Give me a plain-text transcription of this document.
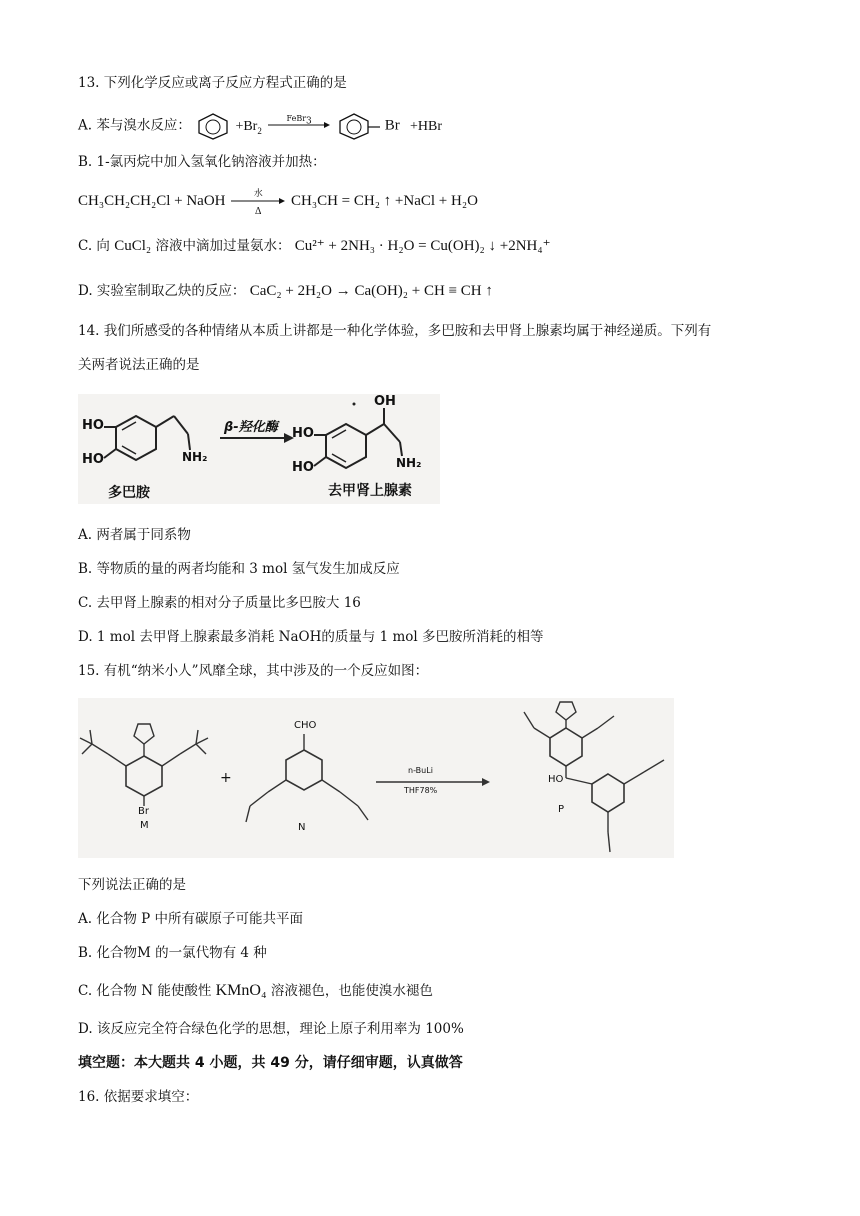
13. 下列化学反应或离子反应方程式正确的是
A. 苯与溴水反应：	$+Br_2$
FeBr$_3$	Br +HBr
B. 1-氯丙烷中加入氢氧化钠溶液并加热：
CH₃CH₂CH₂Cl + NaOH
水
Δ
CH₃CH = CH₂ ↑ +NaCl + H₂O
C. 向 CuCl₂ 溶液中滴加过量氨水： Cu²⁺ + 2NH₃ · H₂O = Cu(OH)₂ ↓ +2NH₄⁺
D. 实验室制取乙炔的反应： CaC₂ + 2H₂O → Ca(OH)₂ + CH ≡ CH ↑
14. 我们所感受的各种情绪从本质上讲都是一种化学体验，多巴胺和去甲肾上腺素均属于神经递质。下列有
关两者说法正确的是
HO
HO	NH₂
β-羟化酶 HO
HO
OH
NH₂
多巴胺	去甲肾上腺素
A. 两者属于同系物
B. 等物质的量的两者均能和 3 mol 氢气发生加成反应
C. 去甲肾上腺素的相对分子质量比多巴胺大 16
D. 1 mol 去甲肾上腺素最多消耗 NaOH的质量与 1 mol 多巴胺所消耗的相等
15. 有机“纳米小人”风靡全球，其中涉及的一个反应如图：
CHO
Br
M
+
N
n-BuLi
THF78%
HO
P
下列说法正确的是
A. 化合物 P 中所有碳原子可能共平面
B. 化合物M 的一氯代物有 4 种
C. 化合物 N 能使酸性 KMnO₄ 溶液褪色，也能使溴水褪色
D. 该反应完全符合绿色化学的思想，理论上原子利用率为 100%
填空题：本大题共 4 小题，共 49 分，请仔细审题，认真做答
16. 依据要求填空：
